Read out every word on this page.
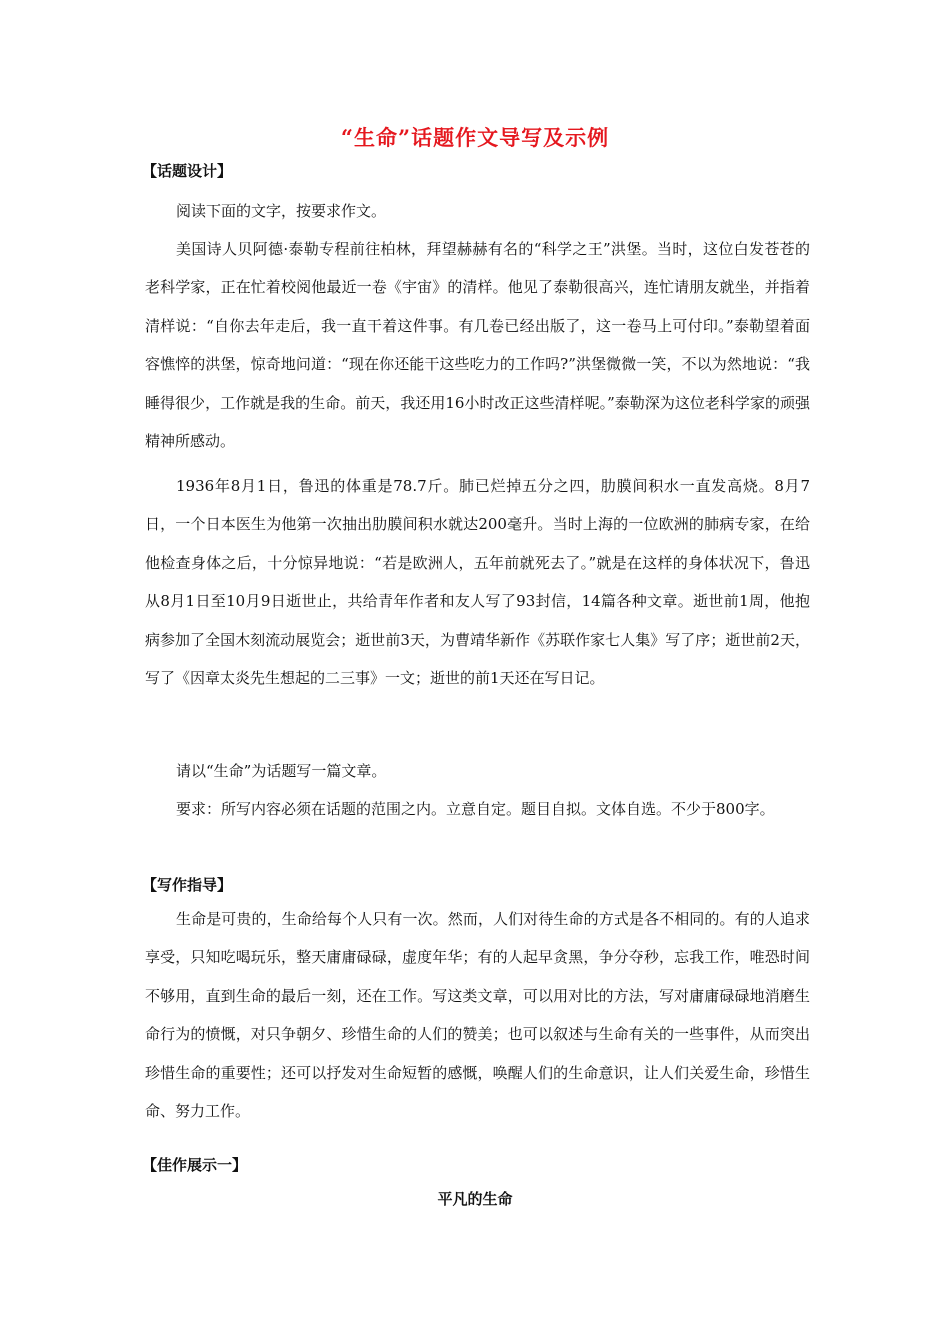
“生命”话题作文导写及示例
【话题设计】
阅读下面的文字，按要求作文。
美国诗人贝阿德·泰勒专程前往柏林，拜望赫赫有名的“科学之王”洪堡。当时，这位白发苍苍的老科学家，正在忙着校阅他最近一卷《宇宙》的清样。他见了泰勒很高兴，连忙请朋友就坐，并指着清样说：“自你去年走后，我一直干着这件事。有几卷已经出版了，这一卷马上可付印。”泰勒望着面容憔悴的洪堡，惊奇地问道：“现在你还能干这些吃力的工作吗?”洪堡微微一笑，不以为然地说：“我睡得很少，工作就是我的生命。前天，我还用16小时改正这些清样呢。”泰勒深为这位老科学家的顽强精神所感动。
1936年8月1日，鲁迅的体重是78.7斤。肺已烂掉五分之四，肋膜间积水一直发高烧。8月7 日，一个日本医生为他第一次抽出肋膜间积水就达200毫升。当时上海的一位欧洲的肺病专家，在给他检查身体之后，十分惊异地说：“若是欧洲人，五年前就死去了。”就是在这样的身体状况下，鲁迅从8月1日至10月9日逝世止，共给青年作者和友人写了93封信，14篇各种文章。逝世前1周，他抱病参加了全国木刻流动展览会；逝世前3天，为曹靖华新作《苏联作家七人集》写了序；逝世前2天，写了《因章太炎先生想起的二三事》一文；逝世的前1天还在写日记。
请以“生命”为话题写一篇文章。
要求：所写内容必须在话题的范围之内。立意自定。题目自拟。文体自选。不少于800字。
【写作指导】
生命是可贵的，生命给每个人只有一次。然而，人们对待生命的方式是各不相同的。有的人追求享受，只知吃喝玩乐，整天庸庸碌碌，虚度年华；有的人起早贪黑，争分夺秒，忘我工作，唯恐时间不够用，直到生命的最后一刻，还在工作。写这类文章，可以用对比的方法，写对庸庸碌碌地消磨生命行为的愤慨，对只争朝夕、珍惜生命的人们的赞美；也可以叙述与生命有关的一些事件，从而突出珍惜生命的重要性；还可以抒发对生命短暂的感慨，唤醒人们的生命意识，让人们关爱生命，珍惜生命、努力工作。
【佳作展示一】
平凡的生命
